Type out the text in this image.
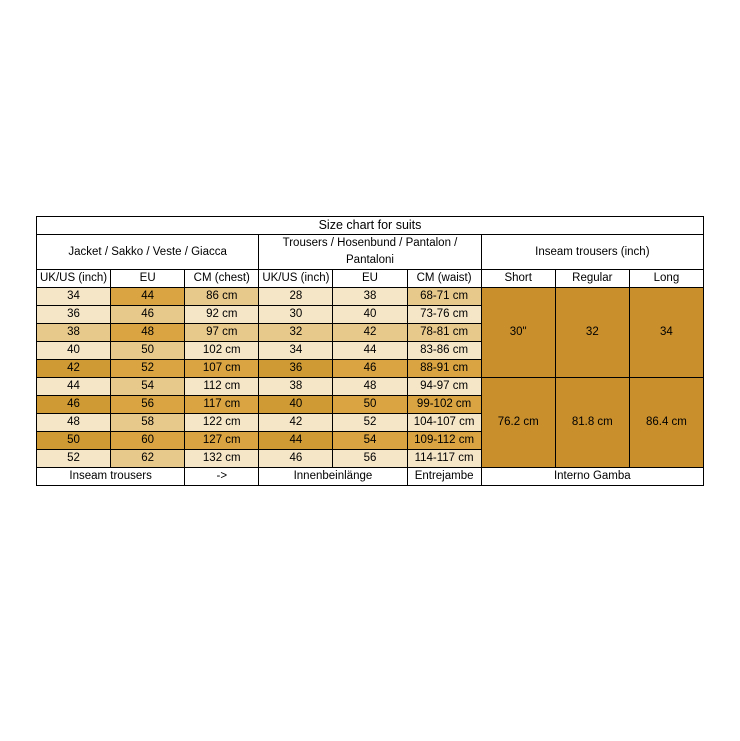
Size chart for suits								
Jacket / Sakko / Veste / Giacca			Trousers / Hosenbund / Pantalon / Pantaloni			Inseam trousers (inch)		
UK/US (inch)	EU	CM (chest)	UK/US (inch)	EU	CM (waist)	Short	Regular	Long
34	44	86 cm	28	38	68-71 cm	30"	32	34
36	46	92 cm	30	40	73-76 cm			
38	48	97 cm	32	42	78-81 cm			
40	50	102 cm	34	44	83-86 cm			
42	52	107 cm	36	46	88-91 cm			
44	54	112 cm	38	48	94-97 cm	76.2 cm	81.8 cm	86.4 cm
46	56	117 cm	40	50	99-102 cm			
48	58	122 cm	42	52	104-107 cm			
50	60	127 cm	44	54	109-112 cm			
52	62	132 cm	46	56	114-117 cm			
Inseam trousers		->	Innenbeinlänge		Entrejambe	Interno Gamba		
